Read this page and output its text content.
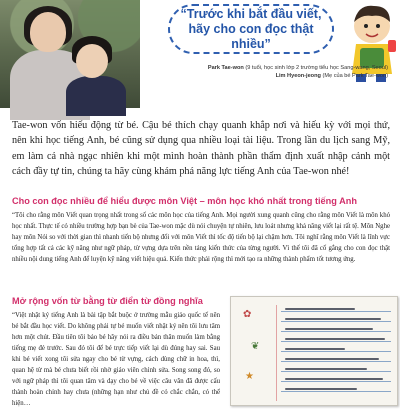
“Trước khi bắt đầu viết, hãy cho con đọc thật nhiều”
Park Tae-won (9 tuổi, học sinh lớp 2 trường tiểu học Sang-wang, Seoul)
Lim Hyeon-jeong (Mẹ của bé Park Tae-won)

Tae-won vốn hiếu động từ bé. Cậu bé thích chạy quanh khắp nơi và hiếu kỳ với mọi thứ, nên khi học tiếng Anh, bé cũng sử dụng qua nhiều loại tài liệu. Trong lần du lịch sang Mỹ, em làm cả nhà ngạc nhiên khi một mình hoàn thành phần thẩm định xuất nhập cảnh một cách đầy tự tin, chúng ta hãy cùng khám phá năng lực tiếng Anh của Tae-won nhé!

Cho con đọc nhiều để hiểu được môn Việt – môn học khó nhất trong tiếng Anh

“Tôi cho rằng môn Viết quan trọng nhất trong số các môn học của tiếng Anh. Mọi người xung quanh cũng cho rằng môn Viết là môn khó học nhất. Thực tế có nhiều trường hợp bạn bè của Tae-won mặc dù nói chuyện tự nhiên, lưu loát nhưng khả năng viết lại rất tệ. Môn Nghe hay môn Nói so với thời gian thì nhanh tiến bộ nhưng đối với môn Viết thì tốc độ tiến bộ lại chậm hơn. Tôi nghĩ rằng môn Viết là lĩnh vực tổng hợp tất cả các kỹ năng như ngữ pháp, từ vựng dựa trên nền tảng kiến thức của từng người. Vì thế tôi đã cố gắng cho con đọc thật nhiều nội dung tiếng Anh để luyện kỹ năng viết hiệu quả. Kiến thức phải rộng thì mới tạo ra những thành phẩm tốt tương ứng.

Mở rộng vốn từ bằng từ điển từ đồng nghĩa

“Việt nhật ký tiếng Anh là bài tập bắt buộc ở trường mẫu giáo quốc tế nên bé bắt đầu học viết. Do không phải tự bé muốn viết nhật ký nên tôi lưu tâm hơn một chút. Đầu tiên tôi bảo bé hãy nói ra điều bản thân muốn làm bằng tiếng mẹ đẻ trước. Sau đó tôi để bé trực tiếp viết lại dù đúng hay sai. Sau khi bé viết xong tôi sửa ngay cho bé từ vựng, cách dùng chữ in hoa, thì, quan hệ từ mà bé chưa biết rồi nhờ giáo viên chỉnh sửa. Song song đó, so với ngữ pháp thì tôi quan tâm và dạy cho bé về việc câu văn đã được cấu thành hoàn chỉnh hay chưa (những hạn như chủ đề có chắc chắn, có thể hiện…

✿
❦
★
